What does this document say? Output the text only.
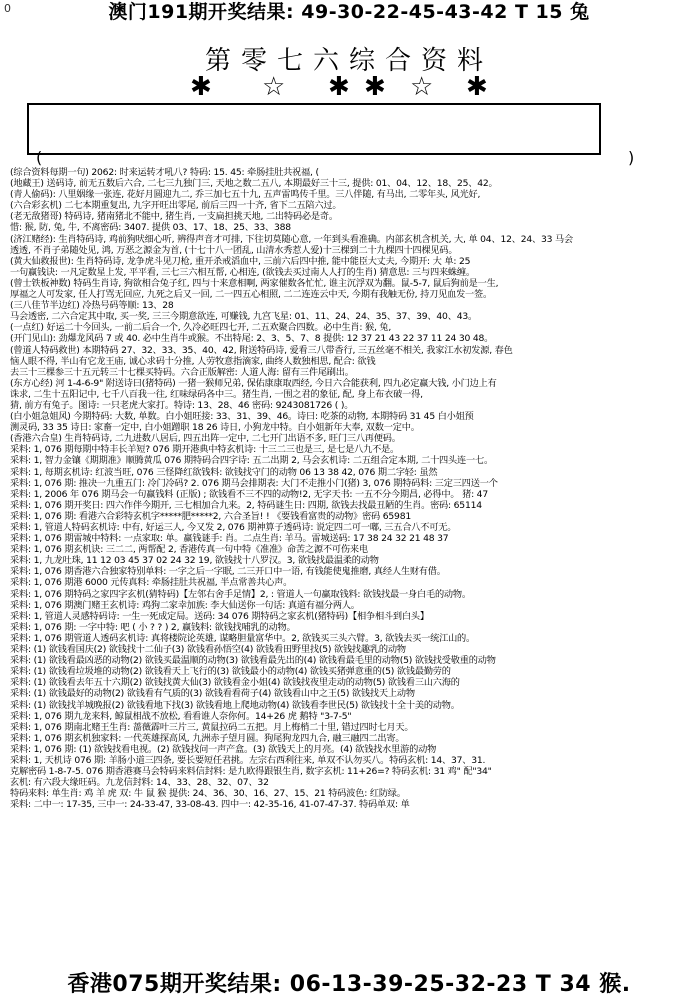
0	澳门191期开奖结果: 49-30-22-45-43-42 T 15 兔
第零七六综合资料
✱ ☆ ✱ ✱ ☆ ✱
(	)
(综合资料每期一句) 2062: 时来运转才吼八? 特码: 15. 45: 牵肠挂肚共祝福, (
(地藏王) 送码诗, 前无五数后六合, 二七三九独门三, 天地之数二五八, 本期最好三十三, 提供: 01、04、12、18、25、42。
(青人偷码): 八里姻缘一张连, 花好月圆迎九二, 乔三加七五十九, 五声雷鸣传千里。三八伴随, 有马出, 二零年头, 风光好,
(六合彩玄机) 二七本期重复出, 九字开旺出零尾, 前后三四一十齐, 省下二五陪六过。
(老无敌猪哥) 特码诗, 猪南猪北不能中, 猪生肖, 一支扁担挑天地, 二出特码必是奇。
惜: 猴, 防, 兔, 牛, 不离密码: 3407. 提供 03、17、18、25、33、388
(济江赌经): 生肖特码诗, 鸡前狗吠细心听, 辨得声音才可排, 下往切莫随心意, 一年到头看准确。内部玄机含机关, 大, 单 04、12、24、33 马会
透透, 不肖子弟随处见, 鸿, 万恶之源金为首, (十七十八一团乱, 山清水秀惹人爱)十三棵到二十九棵四十四棵见码。
(黄大仙救报世): 生肖特码诗, 龙争虎斗见刀枪, 重开杀戒滔血中, 三前六后四中推, 能中能臣大丈夫, 今期开: 大 单: 25
一句赢钱诀: 一凡定数星上发, 平平看, 三七三六相互帮, 心相连, (欲钱去买过南人人打的生肖) 猜意思: 三与四来蛛缠。
(曾士铁板神数) 特码生肖诗, 狗欲相合兔子红, 四与十来意相啊, 两家催数各忙忙, 谁主沉浮双为翻。鼠-5-7, 鼠后狗前是一生,
厚福之人可发家, 任人打骂无回应, 九死之后又一回, 二一四五心相照, 二二连连云中天, 今期有我触无份, 持刀见血发一签。
(三八佳节半边红) 冷热号码等顺: 13、28
马会透密, 二六合定其中取, 买一奖, 三三今期意欲连, 可赚钱, 九宫飞星: 01、11、24、24、35、37、39、40、43。
(一点红) 好运二十今回头, 一前二后合一个, 久冷必旺四七开, 二五欢聚合四数。必中生肖: 猴, 兔,
(开门见山): 劲爆龙风码 7 或 40. 必中生肖牛或猴。不出特尾: 2、3、5、7、8 提供: 12 37 21 43 22 37 11 24 30 48。
(曾道人特码救世) 本期特码 27、32、33、35、40、42, 附送特码诗, 爱看三八带香行, 三五丝毫不相关, 我家江水初发源, 春色
恼人眼不得, 半山有它龙王庙, 诚心求码十分推, 人劳牧意指滴家, 曲终人数独相思, 配合: 欲钱
去三十三棵参三十五元转三十七棵买特码。六合正版解密: 人道人海: 留有三件尾刷出。
(东方心经) 河 1-4-6-9" 附送诗曰(猪特码) 一猪一猴师兄弟, 保佑康康取西经, 今日六合能获利, 四九必定赢大钱, 小门边上有
诛求, 二生十五阳记中, 七千八百我一往, 红味绿码各中三。猪生肖, 一围之君的象征, 配, 身上布衣破一得,
猜, 前方有兔子。图诗: 一只老虎大家打。特诗: 13、28、46 密码: 9243081726 ( )。
(白小姐急姐风) 今期特码: 大数, 单数。白小姐旺接: 33、31、39、46。诗曰: 吃茶的动物, 本期特码 31 45 白小姐预
测灵码, 33 35 诗日: 家畜一定中, 白小姐蹭职 18 26 诗日, 小狗龙中特。白小姐新年大奉, 双数一定中。
(香港六合皇) 生肖特码诗, 二九进数八居后, 四五出阵一定中, 二七开门出语不多, 旺门三八再便码。
采料: 1, 076 期每期中特丰长羊短? 076 期开港典中特玄机诗: 十三二三也是三, 是七是八九不是。
采料: 1, 智力金镶《期期准》顺腾黄瓜 076 期特码合四字诗: 五二出期 2, 马会玄机诗: 二五组合定本期, 二十四头连一七。
采料: 1, 每期玄机诗: 红波当旺, 076 三怪降红欲钱料: 欲钱找守门的动物 06 13 38 42, 076 期二字轻: 虽然
采料: 1, 076 期: 推决一九重五门: 冷门冷码? 2. 076 期马会排期表: 大门不走推小门(猪) 3, 076 期特码料: 三定三四送一个
采料: 1, 2006 年 076 期马会一句赢钱料 (正版) ; 欲钱看不三不四的动物!2, 无字天书: 一五不分今期昌, 必得中。 猪: 47
采料: 1, 076 期开奖日: 四六作伴今期开, 三七相加合九来。2, 特码谜生日: 四期, 欲钱去找最丑陋的生肖。密码: 65114
采料: 1, 076 期: 看港六合彩特玄机字*****肥*****2, 六合圣旨! ! 《要钱看富贵的动物》密码 65981
采料: 1, 管道人特码玄机诗: 中有, 好运三人, 今又发 2, 076 期神算子透码诗: 说定四二可一嘟, 三五合八不可无。
采料: 1, 076 期雷城中特料: 一点家取: 单。赢钱谜手: 肖。二点生肖: 羊马。雷城送码: 17 38 24 32 21 48 37
采料: 1, 076 期玄机诀: 三二二, 两帮配 2, 香港传真一句中特《准准》命苦之源不可伤来电
采料: 1, 九龙吐珠, 11 12 03 45 37 02 24 32 19, 欲钱找十八罗汉。3, 欲钱找最温柔的动物
采料: 1, 076 期香港六合独家特别单料: 一字之后一字眠, 二三开口中一语, 有钱能使鬼推磨, 真经人生财有借。
采料: 1, 076 期港 6000 元传真料: 牵肠挂肚共祝福, 半点常善共心声。
采料: 1, 076 期特码之家四字玄机(猜特码)【左邻右舍手足情】2, : 管道人一句赢取钱料: 欲钱找最一身白毛的动物。
采料: 1, 076 期澳门赌王玄机诗: 鸡狗二家幸加族: 李大仙送你一句话: 真道有福分两人。
采料: 1, 管道人灵感特码诗: 一生一死成定局。送码: 34 076 期特码之家玄机(猪特码)【相争相斗到白头】
采料: 1, 076 期: 一字中特: 吧 ( 小 ? ? ) 2, 赢钱料: 欲钱找哺乳的动物。
采料: 1, 076 期管道人透码玄机诗: 真将楼院论英雄, 谋略胆量富华中。2, 欲钱买三头六臂。3, 欲钱去买一统江山的。
采料: (1) 欲钱看国庆(2) 欲钱找十二仙子(3) 欲钱看孙悟空(4) 欲钱看田野里找(5) 欲钱找趣乳的动物
采料: (1) 欲钱看最凶恶的动物(2) 欲钱买最温顺的动物(3) 欲钱看最先出的(4) 欲钱看最毛里的动物(5) 欲钱找受敬重的动物
采料: (1) 欲钱看垃圾堆的动物(2) 欲钱看天上飞行的(3) 欲钱最小的动物(4) 欲钱买猪弹意重的(5) 欲钱最勤劳的
采料: (1) 欲钱看去年五十六期(2) 欲钱找黄大仙(3) 欲钱看金小姐(4) 欲钱找夜里走动的动物(5) 欲钱看三山六海的
采料: (1) 欲钱最好的动物(2) 欲钱看有气质的(3) 欲钱看看荷子(4) 欲钱看山中之王(5) 欲钱找天上动物
采料: (1) 欲钱找羊城晚报(2) 欲钱看地下找(3) 欲钱看地上爬地动物(4) 欲钱看李世民(5) 欲钱找十全十美的动物。
采料: 1, 076 期九龙来料, 鲸鼠相战不放松, 看看谁人奈你何。14+26 虎 鹅特 "3-7-5"
采料: 1, 076 期南北赌王生肖: 蔷薇霹叶三片三, 黄鼠拉码二五把。月上梅梢二十里, 错过四时七月天。
采料: 1, 076 期玄机独家料: 一代英雄探高风, 九洲赤子望月圆。狗尾狗龙四九合, 融三融四二出寄。
采料: 1, 076 期: (1) 欲钱找看电视。(2) 欲钱找问一声产盒。(3) 欲钱天上的月亮。(4) 欲钱找水里游的动物
采料: 1, 天机诗 076 期: 羊肠小道三四条, 要长要短任君挑。左宗右西利往来, 单双不认勿买八。特码玄机: 14、37、31.
克解密码 1-8-7-5. 076 期香港赛马会特码来料信封料: 是九欧得跟银生肖, 数字玄机: 11+26=? 特码玄机: 31 鸡" 配"34"
玄机: 有六段大缘旺码。九龙信封料: 14、33、28、32、07、32
特码来料: 单生肖: 鸡 羊 虎 双: 牛 鼠 猴 提供: 24、36、30、16、27、15、21 特码波色: 红防绿。
采料: 二中一: 17-35, 三中一: 24-33-47, 33-08-43. 四中一: 42-35-16, 41-07-47-37. 特码单双: 单
香港075期开奖结果: 06-13-39-25-32-23 T 34 猴.
